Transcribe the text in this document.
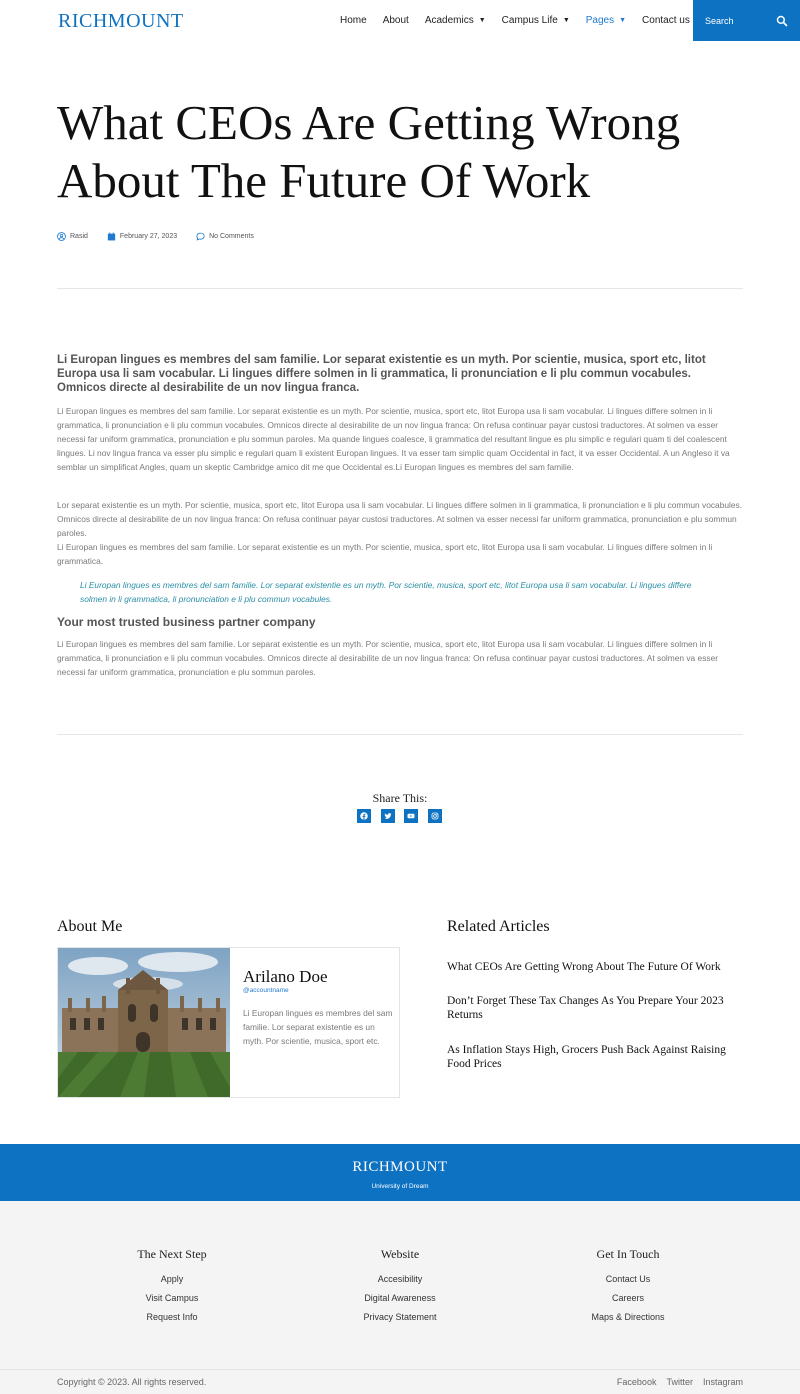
RICHMOUNT	Home About Academics ▼ Campus Life ▼ Pages ▼ Contact us Search
What CEOs Are Getting Wrong
About The Future Of Work
Rasid	February 27, 2023	No Comments

Li Europan lingues es membres del sam familie. Lor separat existentie es un myth. Por scientie, musica, sport etc, litot Europa usa li sam vocabular. Li lingues differe solmen in li grammatica, li pronunciation e li plu commun vocabules. Omnicos directe al desirabilite de un nov lingua franca.

Li Europan lingues es membres del sam familie. Lor separat existentie es un myth. Por scientie, musica, sport etc, litot Europa usa li sam vocabular. Li lingues differe solmen in li grammatica, li pronunciation e li plu commun vocabules. Omnicos directe al desirabilite de un nov lingua franca: On refusa continuar payar custosi traductores. At solmen va esser necessi far uniform grammatica, pronunciation e plu sommun paroles. Ma quande lingues coalesce, li grammatica del resultant lingue es plu simplic e regulari quam ti del coalescent lingues. Li nov lingua franca va esser plu simplic e regulari quam li existent Europan lingues. It va esser tam simplic quam Occidental in fact, it va esser Occidental. A un Angleso it va semblar un simplificat Angles, quam un skeptic Cambridge amico dit me que Occidental es.Li Europan lingues es membres del sam familie.

Lor separat existentie es un myth. Por scientie, musica, sport etc, litot Europa usa li sam vocabular. Li lingues differe solmen in li grammatica, li pronunciation e li plu commun vocabules. Omnicos directe al desirabilite de un nov lingua franca: On refusa continuar payar custosi traductores. At solmen va esser necessi far uniform grammatica, pronunciation e plu sommun paroles.

Li Europan lingues es membres del sam familie. Lor separat existentie es un myth. Por scientie, musica, sport etc, litot Europa usa li sam vocabular. Li lingues differe solmen in li grammatica.

Li Europan lingues es membres del sam familie. Lor separat existentie es un myth. Por scientie, musica, sport etc, litot Europa usa li sam vocabular. Li lingues differe solmen in li grammatica, li pronunciation e li plu commun vocabules.

Your most trusted business partner company

Li Europan lingues es membres del sam familie. Lor separat existentie es un myth. Por scientie, musica, sport etc, litot Europa usa li sam vocabular. Li lingues differe solmen in li grammatica, li pronunciation e li plu commun vocabules. Omnicos directe al desirabilite de un nov lingua franca: On refusa continuar payar custosi traductores. At solmen va esser necessi far uniform grammatica, pronunciation e plu sommun paroles.

Share This:
About Me
Arilano Doe
@accountname

Li Europan lingues es membres del sam familie. Lor separat existentie es un myth. Por scientie, musica, sport etc.

Related Articles
What CEOs Are Getting Wrong About The Future Of Work
Don’t Forget These Tax Changes As You Prepare Your 2023 Returns
As Inflation Stays High, Grocers Push Back Against Raising Food Prices
RICHMOUNT
University of Dream
The Next Step
Apply
Visit Campus
Request Info
Website
Accesibility
Digital Awareness
Privacy Statement
Get In Touch
Contact Us
Careers
Maps & Directions
Copyright © 2023. All rights reserved.	Facebook Twitter Instagram
